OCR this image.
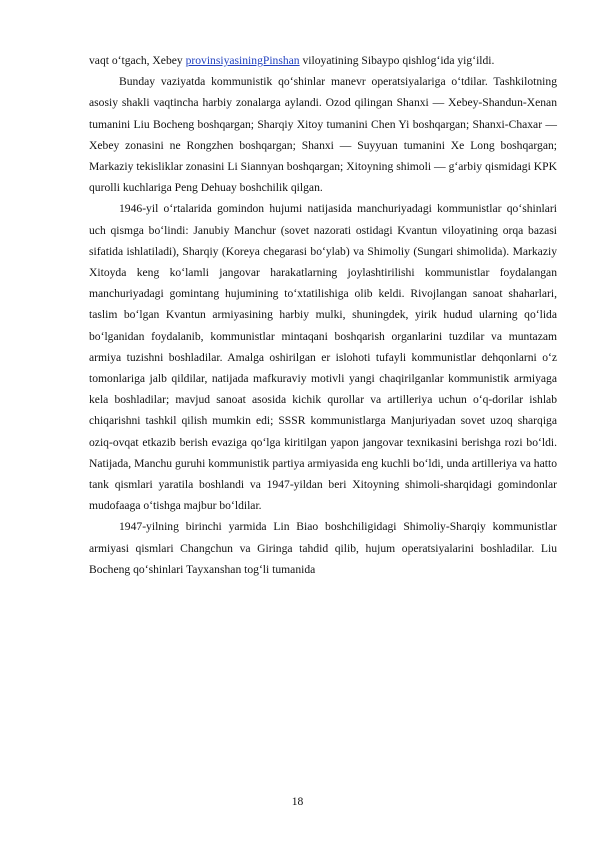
vaqt oʻtgach, Xebey provinsiyasiningPinshan viloyatining Sibaypo qishlogʻida yigʻildi.

Bunday vaziyatda kommunistik qoʻshinlar manevr operatsiyalariga oʻtdilar. Tashkilotning asosiy shakli vaqtincha harbiy zonalarga aylandi. Ozod qilingan Shanxi — Xebey-Shandun-Xenan tumanini Liu Bocheng boshqargan; Sharqiy Xitoy tumanini Chen Yi boshqargan; Shanxi-Chaxar — Xebey zonasini ne Rongzhen boshqargan; Shanxi — Suyyuan tumanini Xe Long boshqargan; Markaziy tekisliklar zonasini Li Siannyan boshqargan; Xitoyning shimoli — gʻarbiy qismidagi KPK qurolli kuchlariga Peng Dehuay boshchilik qilgan.

1946-yil oʻrtalarida gomindon hujumi natijasida manchuriyadagi kommunistlar qoʻshinlari uch qismga boʻlindi: Janubiy Manchur (sovet nazorati ostidagi Kvantun viloyatining orqa bazasi sifatida ishlatiladi), Sharqiy (Koreya chegarasi boʻylab) va Shimoliy (Sungari shimolida). Markaziy Xitoyda keng koʻlamli jangovar harakatlarning joylashtirilishi kommunistlar foydalangan manchuriyadagi gomintang hujumining toʻxtatilishiga olib keldi. Rivojlangan sanoat shaharlari, taslim boʻlgan Kvantun armiyasining harbiy mulki, shuningdek, yirik hudud ularning qoʻlida boʻlganidan foydalanib, kommunistlar mintaqani boshqarish organlarini tuzdilar va muntazam armiya tuzishni boshladilar. Amalga oshirilgan er islohoti tufayli kommunistlar dehqonlarni oʻz tomonlariga jalb qildilar, natijada mafkuraviy motivli yangi chaqirilganlar kommunistik armiyaga kela boshladilar; mavjud sanoat asosida kichik qurollar va artilleriya uchun oʻq-dorilar ishlab chiqarishni tashkil qilish mumkin edi; SSSR kommunistlarga Manjuriyadan sovet uzoq sharqiga oziq-ovqat etkazib berish evaziga qoʻlga kiritilgan yapon jangovar texnikasini berishga rozi boʻldi. Natijada, Manchu guruhi kommunistik partiya armiyasida eng kuchli boʻldi, unda artilleriya va hatto tank qismlari yaratila boshlandi va 1947-yildan beri Xitoyning shimoli-sharqidagi gomindonlar mudofaaga oʻtishga majbur boʻldilar.

1947-yilning birinchi yarmida Lin Biao boshchiligidagi Shimoliy-Sharqiy kommunistlar armiyasi qismlari Changchun va Giringa tahdid qilib, hujum operatsiyalarini boshladilar. Liu Bocheng qoʻshinlari Tayxanshan togʻli tumanida

18
